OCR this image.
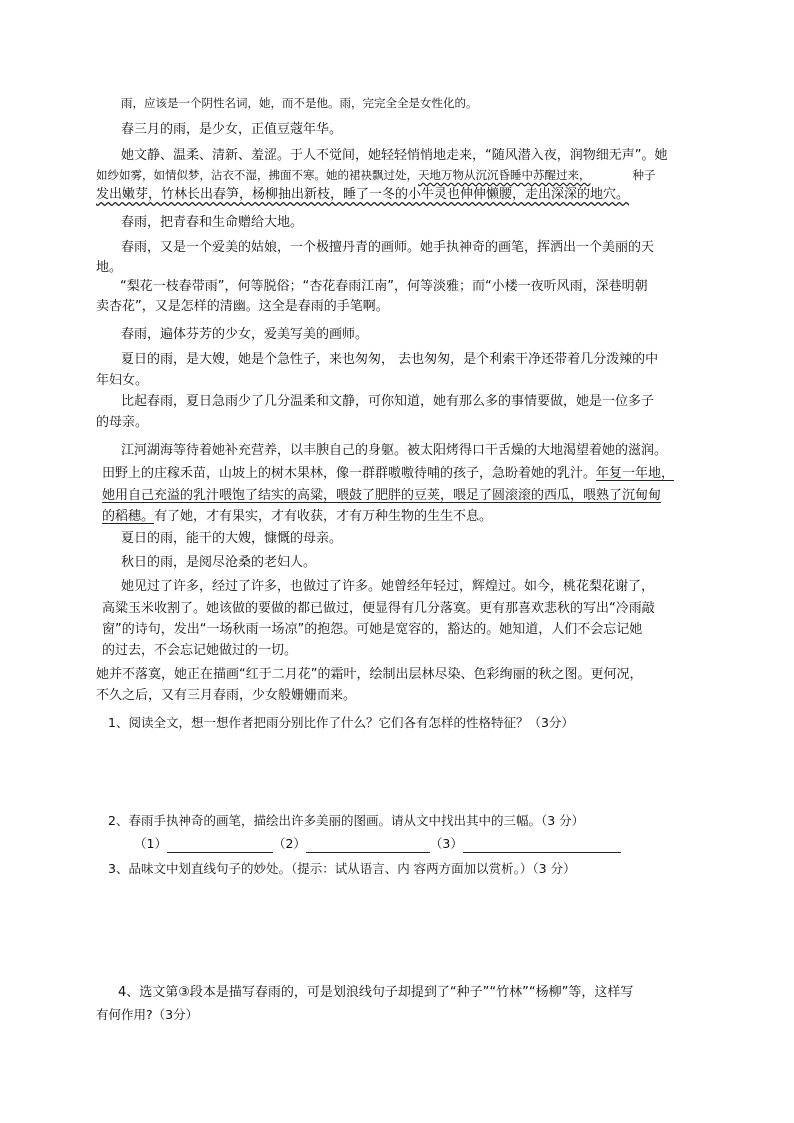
雨，应该是一个阴性名词，她，而不是他。雨，完完全全是女性化的。
春三月的雨，是少女，正值豆蔻年华。
她文静、温柔、清新、羞涩。于人不觉间，她轻轻悄悄地走来，“随风潜入夜，润物细无声”。她
如纱如雾，如情似梦，沾衣不湿，拂面不寒。她的裙袂飘过处，天地万物从沉沉昏睡中苏醒过来，	种子
发出嫩芽，竹林长出春笋，杨柳抽出新枝，睡了一冬的小牛灵也伸伸懒腰，走出深深的地穴。
春雨，把青春和生命赠给大地。
春雨，又是一个爱美的姑娘，一个极擅丹青的画师。她手执神奇的画笔，挥洒出一个美丽的天
地。
“梨花一枝春带雨”，何等脱俗；“杏花春雨江南”，何等淡雅；而“小楼一夜听风雨，深巷明朝
卖杏花”，又是怎样的清幽。这全是春雨的手笔啊。
春雨，遍体芬芳的少女，爱美写美的画师。
夏日的雨，是大嫂，她是个急性子，来也匆匆， 去也匆匆，是个利索干净还带着几分泼辣的中
年妇女。
比起春雨，夏日急雨少了几分温柔和文静，可你知道，她有那么多的事情要做，她是一位多子
的母亲。
江河湖海等待着她补充营养，以丰腴自己的身躯。被太阳烤得口干舌燥的大地渴望着她的滋润。
田野上的庄稼禾苗，山坡上的树木果林，像一群群嗷嗷待哺的孩子，急盼着她的乳汁。年复一年地，
她用自己充溢的乳汁喂饱了结实的高粱，喂鼓了肥胖的豆荚，喂足了圆滚滚的西瓜，喂熟了沉甸甸
的稻穗。有了她，才有果实，才有收获，才有万种生物的生生不息。
夏日的雨，能干的大嫂，慷慨的母亲。
秋日的雨，是阅尽沧桑的老妇人。
她见过了许多，经过了许多，也做过了许多。她曾经年轻过，辉煌过。如今，桃花梨花谢了，
高粱玉米收割了。她该做的要做的都已做过，便显得有几分落寞。更有那喜欢悲秋的写出“冷雨敲
窗”的诗句，发出“一场秋雨一场凉”的抱怨。可她是宽容的，豁达的。她知道，人们不会忘记她
的过去，不会忘记她做过的一切。
她并不落寞，她正在描画“红于二月花”的霜叶，绘制出层林尽染、色彩绚丽的秋之图。更何况，
不久之后，又有三月春雨，少女般姗姗而来。
1、阅读全文，想一想作者把雨分别比作了什么？它们各有怎样的性格特征？（3分）
2、春雨手执神奇的画笔，描绘出许多美丽的图画。请从文中找出其中的三幅。（3 分）
（1）	（2）	（3）
3、品味文中划直线句子的妙处。（提示：试从语言、内 容两方面加以赏析。）（3 分）
4、选文第③段本是描写春雨的，可是划浪线句子却提到了“种子”“竹林”“杨柳”等，这样写
有何作用?（3分）
